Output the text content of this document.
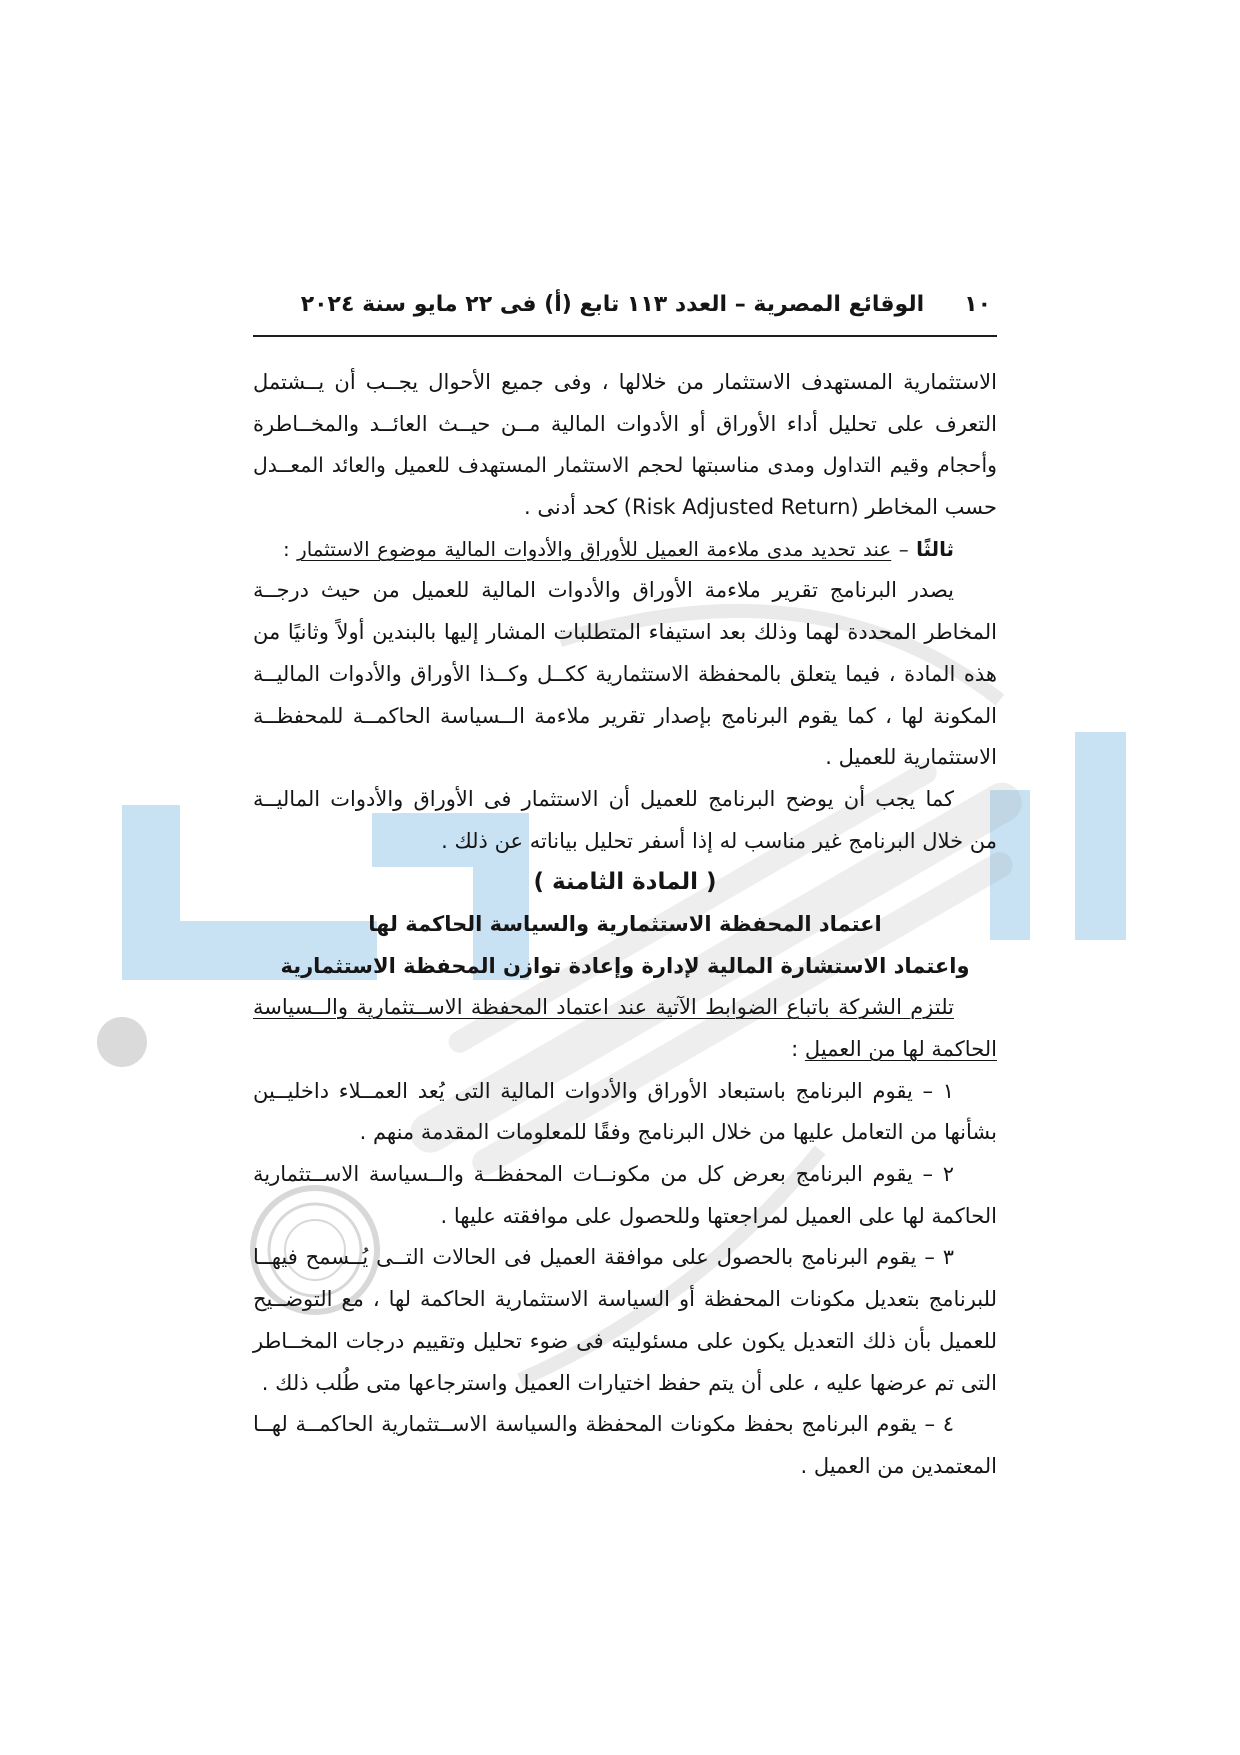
١٠
الوقائع المصرية – العدد ١١٣ تابع (أ) فى ٢٢ مايو سنة ٢٠٢٤
الاستثمارية المستهدف الاستثمار من خلالها ، وفى جميع الأحوال يجــب أن يــشتمل
التعرف على تحليل أداء الأوراق أو الأدوات المالية مــن حيــث العائــد والمخــاطرة
وأحجام وقيم التداول ومدى مناسبتها لحجم الاستثمار المستهدف للعميل والعائد المعــدل
حسب المخاطر (Risk Adjusted Return) كحد أدنى .
ثالثًا – عند تحديد مدى ملاءمة العميل للأوراق والأدوات المالية موضوع الاستثمار :
يصدر البرنامج تقرير ملاءمة الأوراق والأدوات المالية للعميل من حيث درجــة
المخاطر المحددة لهما وذلك بعد استيفاء المتطلبات المشار إليها بالبندين أولاً وثانيًا من
هذه المادة ، فيما يتعلق بالمحفظة الاستثمارية ككــل وكــذا الأوراق والأدوات الماليــة
المكونة لها ، كما يقوم البرنامج بإصدار تقرير ملاءمة الــسياسة الحاكمــة للمحفظــة
الاستثمارية للعميل .
كما يجب أن يوضح البرنامج للعميل أن الاستثمار فى الأوراق والأدوات الماليــة
من خلال البرنامج غير مناسب له إذا أسفر تحليل بياناته عن ذلك .
( المادة الثامنة )
اعتماد المحفظة الاستثمارية والسياسة الحاكمة لها
واعتماد الاستشارة المالية لإدارة وإعادة توازن المحفظة الاستثمارية
تلتزم الشركة باتباع الضوابط الآتية عند اعتماد المحفظة الاســتثمارية والــسياسة
الحاكمة لها من العميل :
١ – يقوم البرنامج باستبعاد الأوراق والأدوات المالية التى يُعد العمــلاء داخليــين
بشأنها من التعامل عليها من خلال البرنامج وفقًا للمعلومات المقدمة منهم .
٢ – يقوم البرنامج بعرض كل من مكونــات المحفظــة والــسياسة الاســتثمارية
الحاكمة لها على العميل لمراجعتها وللحصول على موافقته عليها .
٣ – يقوم البرنامج بالحصول على موافقة العميل فى الحالات التــى يُــسمح فيهــا
للبرنامج بتعديل مكونات المحفظة أو السياسة الاستثمارية الحاكمة لها ، مع التوضــيح
للعميل بأن ذلك التعديل يكون على مسئوليته فى ضوء تحليل وتقييم درجات المخــاطر
التى تم عرضها عليه ، على أن يتم حفظ اختيارات العميل واسترجاعها متى طُلب ذلك .
٤ – يقوم البرنامج بحفظ مكونات المحفظة والسياسة الاســتثمارية الحاكمــة لهــا
المعتمدين من العميل .
